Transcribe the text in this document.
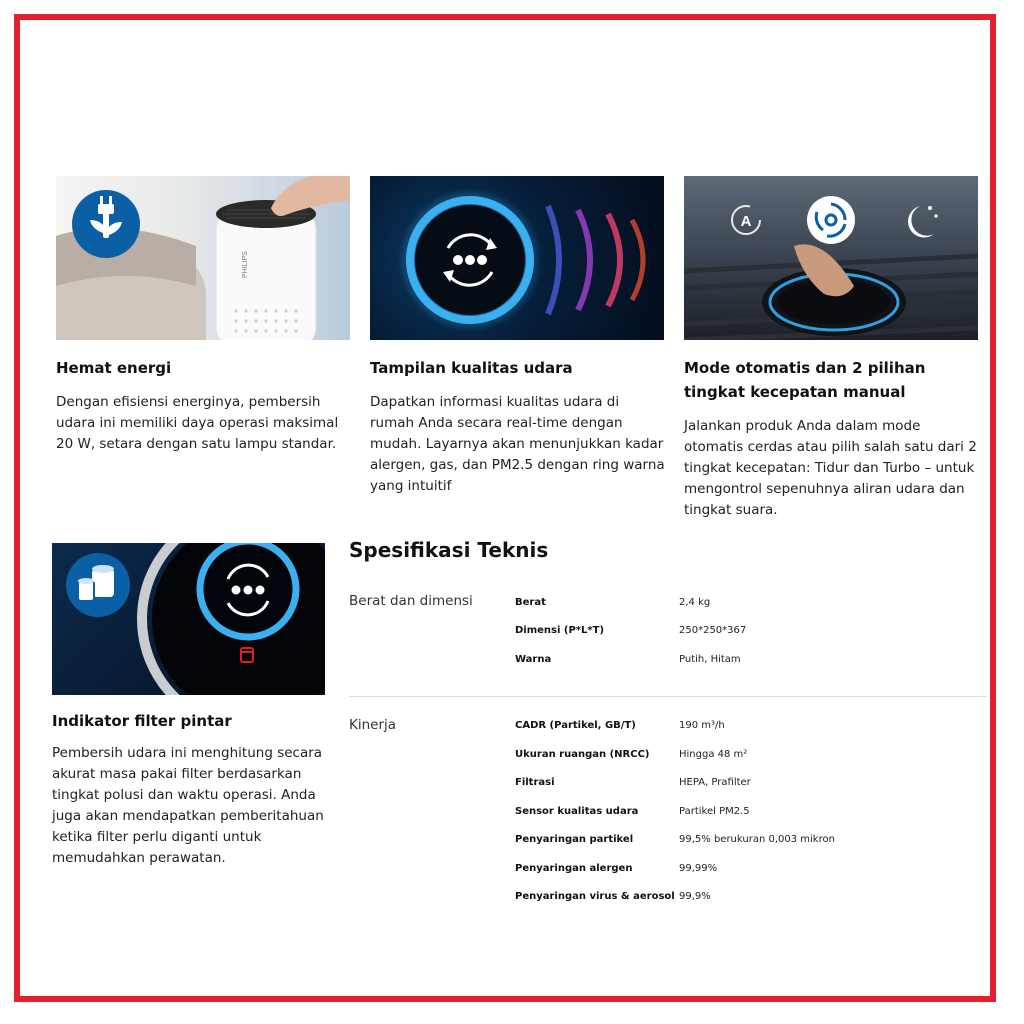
PHILIPS
Hemat energi
Dengan efisiensi energinya, pembersih udara ini memiliki daya operasi maksimal 20 W, setara dengan satu lampu standar.
Tampilan kualitas udara
Dapatkan informasi kualitas udara di rumah Anda secara real-time dengan mudah. Layarnya akan menunjukkan kadar alergen, gas, dan PM2.5 dengan ring warna yang intuitif
A
Mode otomatis dan 2 pilihan tingkat kecepatan manual
Jalankan produk Anda dalam mode otomatis cerdas atau pilih salah satu dari 2 tingkat kecepatan: Tidur dan Turbo – untuk mengontrol sepenuhnya aliran udara dan tingkat suara.
Indikator filter pintar
Pembersih udara ini menghitung secara akurat masa pakai filter berdasarkan tingkat polusi dan waktu operasi. Anda juga akan mendapatkan pemberitahuan ketika filter perlu diganti untuk memudahkan perawatan.
Spesifikasi Teknis
Berat dan dimensi	Berat	2,4 kg
Dimensi (P*L*T)	250*250*367
Warna	Putih, Hitam
Kinerja	CADR (Partikel, GB/T)	190 m³/h
Ukuran ruangan (NRCC)	Hingga 48 m²
Filtrasi	HEPA, Prafilter
Sensor kualitas udara	Partikel PM2.5
Penyaringan partikel	99,5% berukuran 0,003 mikron
Penyaringan alergen	99,99%
Penyaringan virus & aerosol 99,9%
